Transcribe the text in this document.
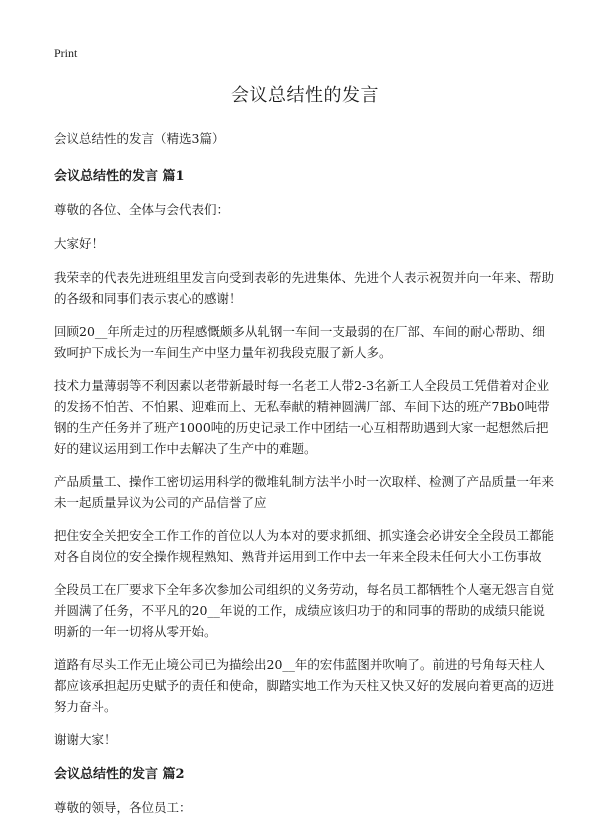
Print
会议总结性的发言

会议总结性的发言（精选3篇）

会议总结性的发言 篇1

尊敬的各位、全体与会代表们：

大家好！

我荣幸的代表先进班组里发言向受到表彰的先进集体、先进个人表示祝贺并向一年来、帮助的各级和同事们表示衷心的感谢！

回顾20__年所走过的历程感慨颇多从轧钢一车间一支最弱的在厂部、车间的耐心帮助、细致呵护下成长为一车间生产中坚力量年初我段克服了新人多。

技术力量薄弱等不利因素以老带新最时每一名老工人带2-3名新工人全段员工凭借着对企业的发扬不怕苦、不怕累、迎难而上、无私奉献的精神圆满厂部、车间下达的班产7Bb0吨带钢的生产任务并了班产1000吨的历史记录工作中团结一心互相帮助遇到大家一起想然后把好的建议运用到工作中去解决了生产中的难题。

产品质量工、操作工密切运用科学的微堆轧制方法半小时一次取样、检测了产品质量一年来未一起质量异议为公司的产品信誉了应

把住安全关把安全工作工作的首位以人为本对的要求抓细、抓实逢会必讲安全全段员工都能对各自岗位的安全操作规程熟知、熟背并运用到工作中去一年来全段未任何大小工伤事故

全段员工在厂要求下全年多次参加公司组织的义务劳动，每名员工都牺牲个人毫无怨言自觉并圆满了任务，不平凡的20__年说的工作，成绩应该归功于的和同事的帮助的成绩只能说明新的一年一切将从零开始。

道路有尽头工作无止境公司已为描绘出20__年的宏伟蓝图并吹响了。前进的号角每天柱人都应该承担起历史赋予的责任和使命，脚踏实地工作为天柱又快又好的发展向着更高的迈进努力奋斗。

谢谢大家！

会议总结性的发言 篇2

尊敬的领导，各位员工：
